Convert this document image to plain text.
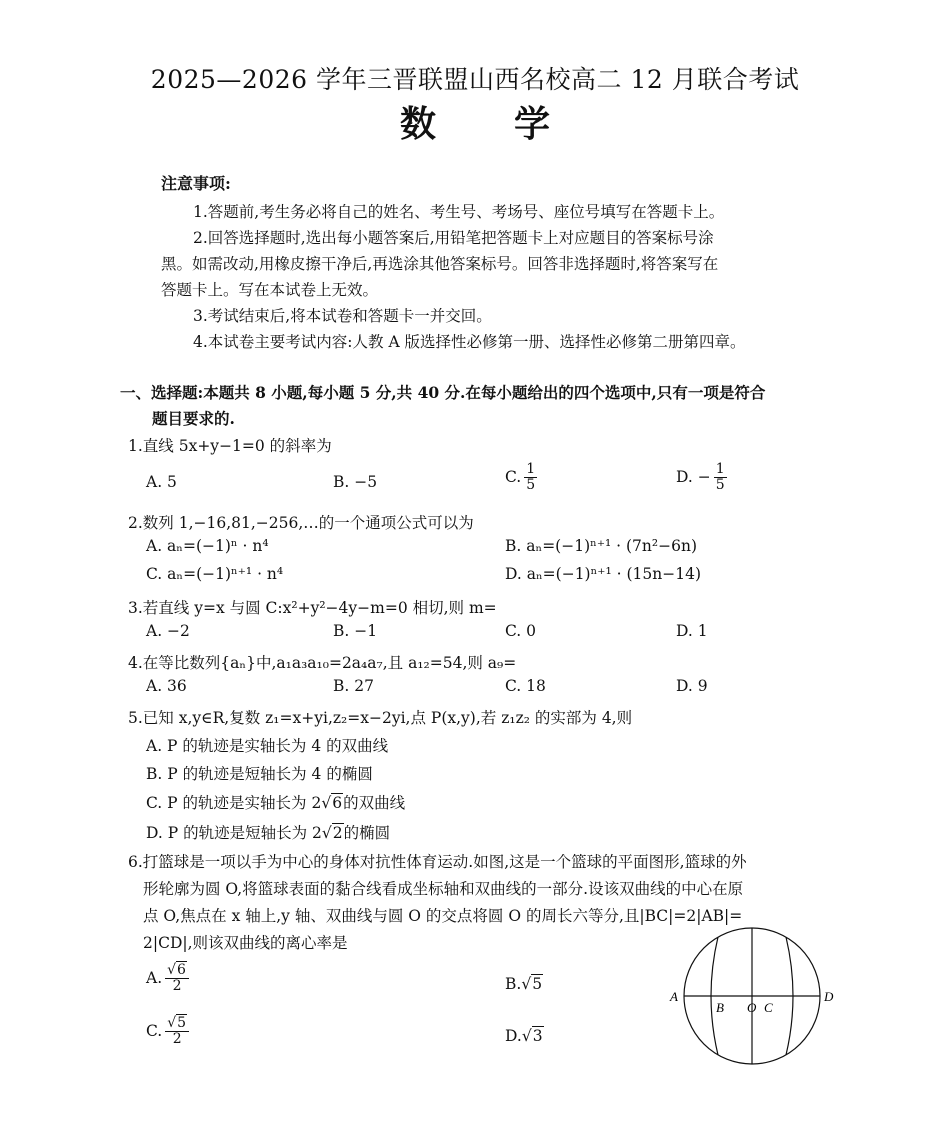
2025—2026 学年三晋联盟山西名校高二 12 月联合考试
数学
注意事项:
1.答题前,考生务必将自己的姓名、考生号、考场号、座位号填写在答题卡上。
2.回答选择题时,选出每小题答案后,用铅笔把答题卡上对应题目的答案标号涂
黑。如需改动,用橡皮擦干净后,再选涂其他答案标号。回答非选择题时,将答案写在
答题卡上。写在本试卷上无效。
3.考试结束后,将本试卷和答题卡一并交回。
4.本试卷主要考试内容:人教 A 版选择性必修第一册、选择性必修第二册第四章。
一、选择题:本题共 8 小题,每小题 5 分,共 40 分.在每小题给出的四个选项中,只有一项是符合
题目要求的.
1.直线 5x+y−1=0 的斜率为
A. 5	B. −5	C. $\frac{1}{5}$	D. − $\frac{1}{5}$
2.数列 1,−16,81,−256,…的一个通项公式可以为
A. aₙ=(−1)ⁿ · n⁴	B. aₙ=(−1)ⁿ⁺¹ · (7n²−6n)
C. aₙ=(−1)ⁿ⁺¹ · n⁴	D. aₙ=(−1)ⁿ⁺¹ · (15n−14)
3.若直线 y=x 与圆 C:x²+y²−4y−m=0 相切,则 m=
A. −2	B. −1	C. 0	D. 1
4.在等比数列{aₙ}中,a₁a₃a₁₀=2a₄a₇,且 a₁₂=54,则 a₉=
A. 36	B. 27	C. 18	D. 9
5.已知 x,y∈R,复数 z₁=x+yi,z₂=x−2yi,点 P(x,y),若 z₁z₂ 的实部为 4,则
A. P 的轨迹是实轴长为 4 的双曲线
B. P 的轨迹是短轴长为 4 的椭圆
C. P 的轨迹是实轴长为 2√6的双曲线
D. P 的轨迹是短轴长为 2√2的椭圆
6.打篮球是一项以手为中心的身体对抗性体育运动.如图,这是一个篮球的平面图形,篮球的外
形轮廓为圆 O,将篮球表面的黏合线看成坐标轴和双曲线的一部分.设该双曲线的中心在原
点 O,焦点在 x 轴上,y 轴、双曲线与圆 O 的交点将圆 O 的周长六等分,且|BC|=2|AB|=
2|CD|,则该双曲线的离心率是
A. $\frac{√6}{2}$	B.√5
C. $\frac{√5}{2}$	D.√3
A
B O C
D
